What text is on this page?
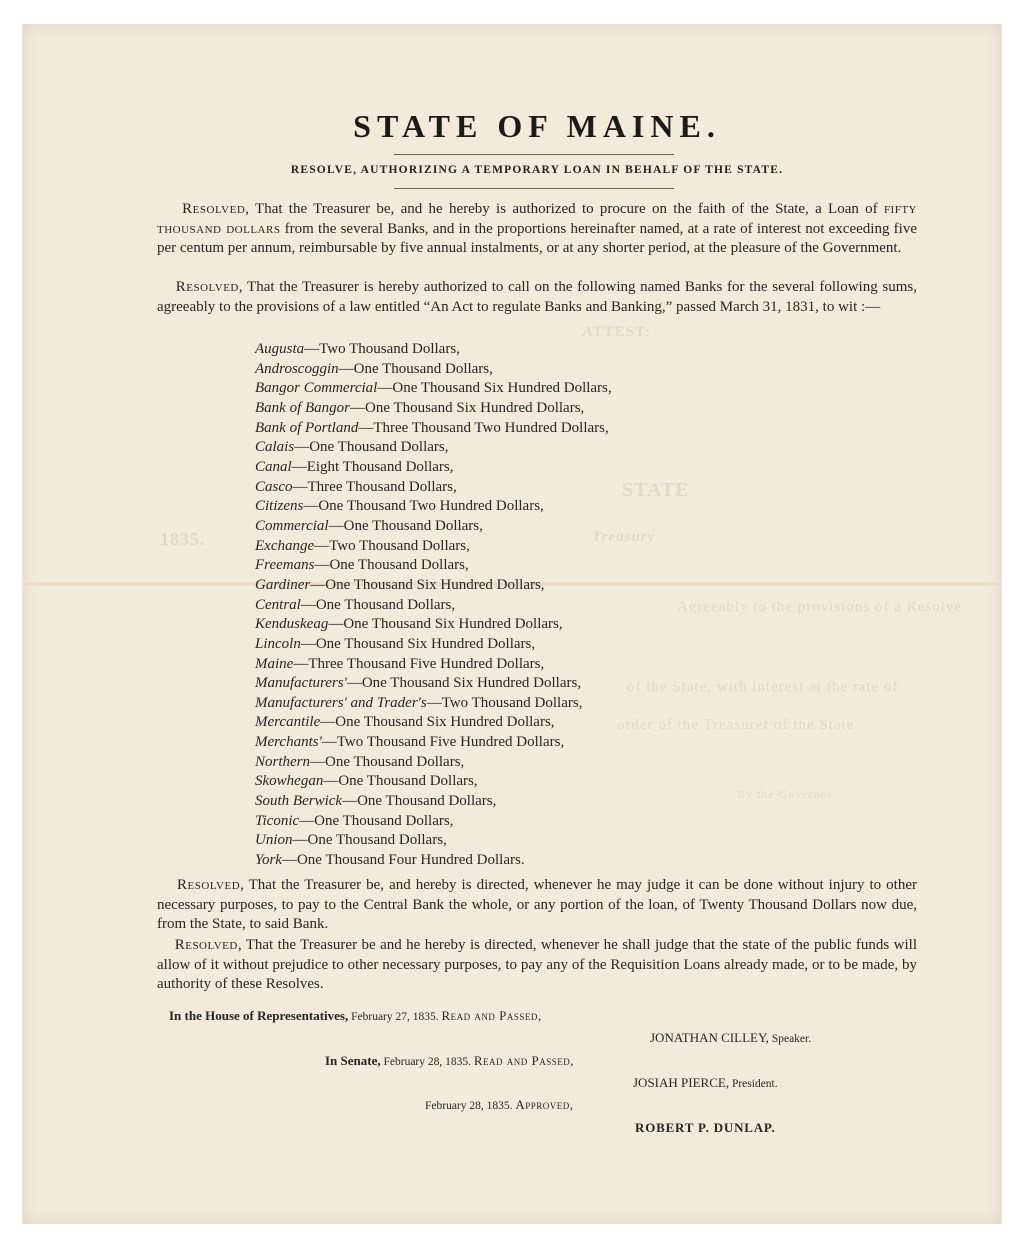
ATTEST:
STATE
1835.	Treasury
Agreeably to the provisions of a Resolve
of the State, with interest at the rate of
order of the Treasurer of the State.
By the Governor.
STATE OF MAINE.
RESOLVE, AUTHORIZING A TEMPORARY LOAN IN BEHALF OF THE STATE.
Resolved, That the Treasurer be, and he hereby is authorized to procure on the faith of the State, a Loan of fifty thousand dollars from the several Banks, and in the proportions hereinafter named, at a rate of interest not exceeding five per centum per annum, reimbursable by five annual instalments, or at any shorter period, at the pleasure of the Government.
Resolved, That the Treasurer is hereby authorized to call on the following named Banks for the several following sums, agreeably to the provisions of a law entitled “An Act to regulate Banks and Banking,” passed March 31, 1831, to wit :—
Augusta—Two Thousand Dollars,
Androscoggin—One Thousand Dollars,
Bangor Commercial—One Thousand Six Hundred Dollars,
Bank of Bangor—One Thousand Six Hundred Dollars,
Bank of Portland—Three Thousand Two Hundred Dollars,
Calais—One Thousand Dollars,
Canal—Eight Thousand Dollars,
Casco—Three Thousand Dollars,
Citizens—One Thousand Two Hundred Dollars,
Commercial—One Thousand Dollars,
Exchange—Two Thousand Dollars,
Freemans—One Thousand Dollars,
Gardiner—One Thousand Six Hundred Dollars,
Central—One Thousand Dollars,
Kenduskeag—One Thousand Six Hundred Dollars,
Lincoln—One Thousand Six Hundred Dollars,
Maine—Three Thousand Five Hundred Dollars,
Manufacturers'—One Thousand Six Hundred Dollars,
Manufacturers' and Trader's—Two Thousand Dollars,
Mercantile—One Thousand Six Hundred Dollars,
Merchants'—Two Thousand Five Hundred Dollars,
Northern—One Thousand Dollars,
Skowhegan—One Thousand Dollars,
South Berwick—One Thousand Dollars,
Ticonic—One Thousand Dollars,
Union—One Thousand Dollars,
York—One Thousand Four Hundred Dollars.
Resolved, That the Treasurer be, and hereby is directed, whenever he may judge it can be done without injury to other necessary purposes, to pay to the Central Bank the whole, or any portion of the loan, of Twenty Thousand Dollars now due, from the State, to said Bank.
Resolved, That the Treasurer be and he hereby is directed, whenever he shall judge that the state of the public funds will allow of it without prejudice to other necessary purposes, to pay any of the Requisition Loans already made, or to be made, by authority of these Resolves.
In the House of Representatives, February 27, 1835. Read and Passed,
JONATHAN CILLEY, Speaker.
In Senate, February 28, 1835. Read and Passed,
JOSIAH PIERCE, President.
February 28, 1835. Approved,
ROBERT P. DUNLAP.
